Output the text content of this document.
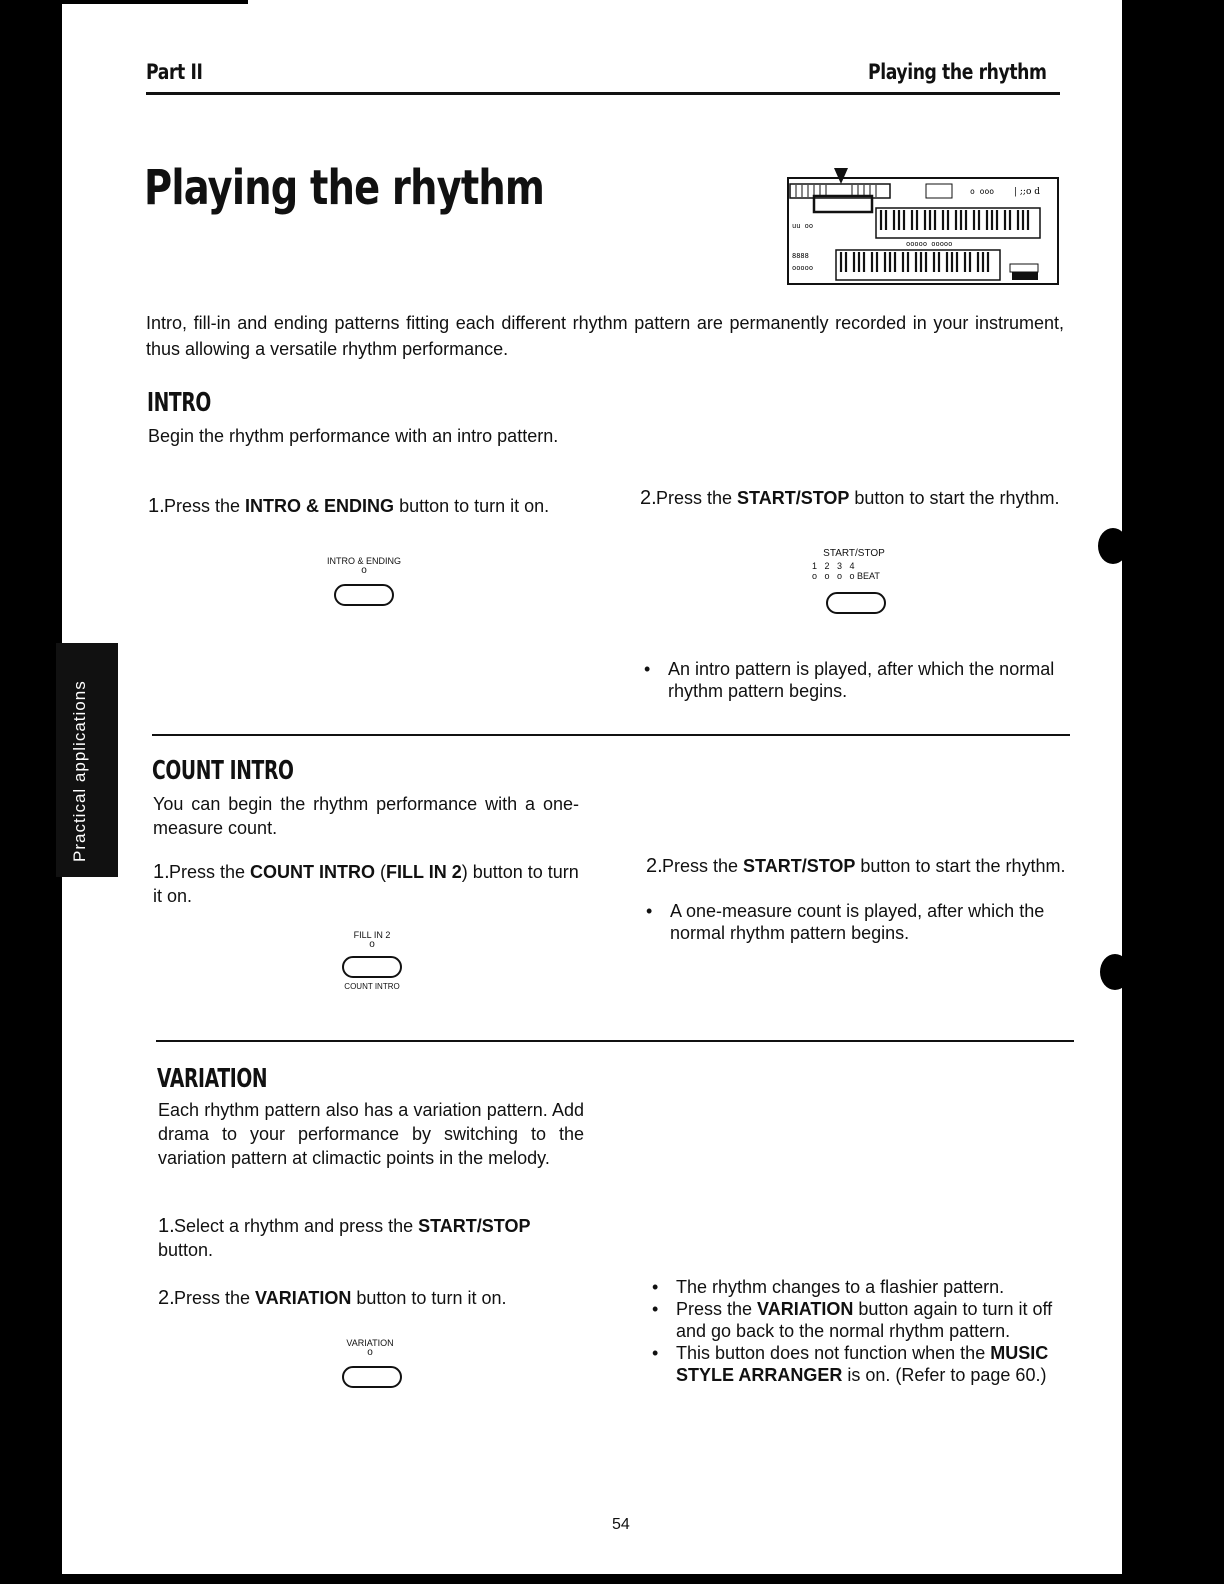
Part II	Playing the rhythm
Playing the rhythm	o ooo | ;;o d
uu oo
8888
ooooo
ooooo ooooo
Intro, fill-in and ending patterns fitting each different rhythm pattern are permanently recorded in your instrument, thus allowing a versatile rhythm performance.
INTRO
Begin the rhythm performance with an intro pattern.
1.Press the INTRO & ENDING button to turn it on.
INTRO & ENDING
o
2.Press the START/STOP button to start the rhythm.
START/STOP
1   2   3   4
o   o   o   o BEAT
• An intro pattern is played, after which the normal rhythm pattern begins.
COUNT INTRO
You can begin the rhythm performance with a one-measure count.
1.Press the COUNT INTRO (FILL IN 2) button to turn it on.
FILL IN 2
o
COUNT INTRO
2.Press the START/STOP button to start the rhythm.
• A one-measure count is played, after which the normal rhythm pattern begins.
VARIATION
Each rhythm pattern also has a variation pattern. Add drama to your performance by switching to the variation pattern at climactic points in the melody.
1.Select a rhythm and press the START/STOP button.
2.Press the VARIATION button to turn it on.
VARIATION
o
• The rhythm changes to a flashier pattern.
• Press the VARIATION button again to turn it off and go back to the normal rhythm pattern.
• This button does not function when the MUSIC STYLE ARRANGER is on. (Refer to page 60.)
Practical applications
54
